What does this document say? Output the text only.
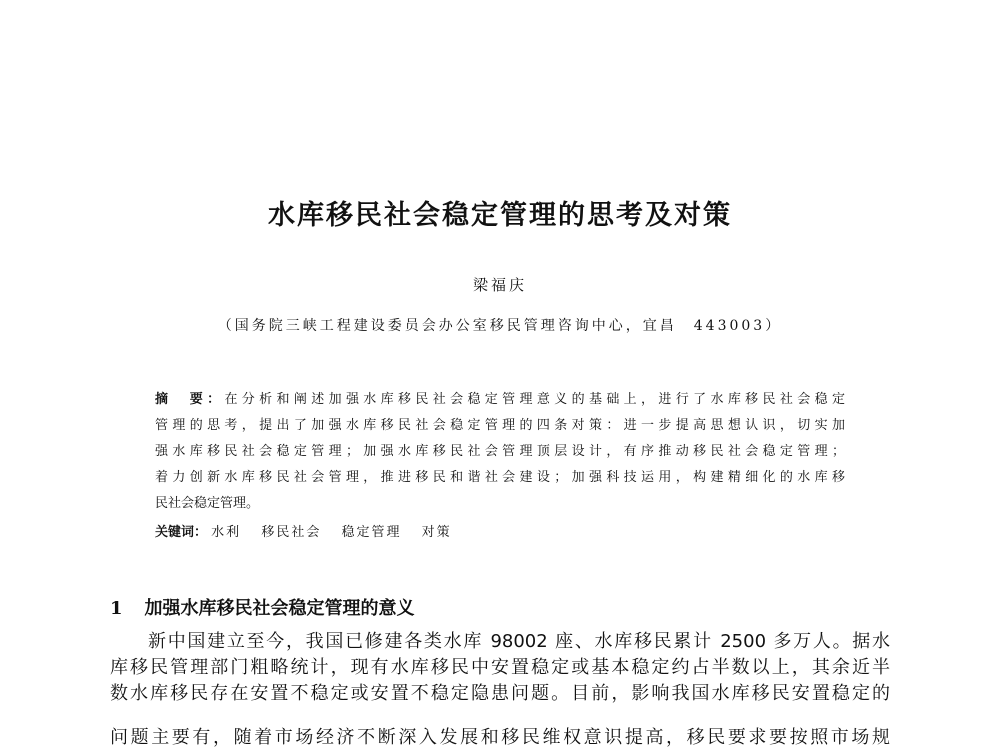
水库移民社会稳定管理的思考及对策
梁福庆
（国务院三峡工程建设委员会办公室移民管理咨询中心，宜昌　443003）
摘　要：在分析和阐述加强水库移民社会稳定管理意义的基础上，进行了水库移民社会稳定
管理的思考，提出了加强水库移民社会稳定管理的四条对策：进一步提高思想认识，切实加
强水库移民社会稳定管理；加强水库移民社会管理顶层设计，有序推动移民社会稳定管理；
着力创新水库移民社会管理，推进移民和谐社会建设；加强科技运用，构建精细化的水库移
民社会稳定管理。
关键词： 水利 移民社会 稳定管理 对策
1 加强水库移民社会稳定管理的意义
新中国建立至今，我国已修建各类水库 98002 座、水库移民累计 2500 多万人。据水
库移民管理部门粗略统计，现有水库移民中安置稳定或基本稳定约占半数以上，其余近半
数水库移民存在安置不稳定或安置不稳定隐患问题。目前，影响我国水库移民安置稳定的
问题主要有，随着市场经济不断深入发展和移民维权意识提高，移民要求要按照市场规
